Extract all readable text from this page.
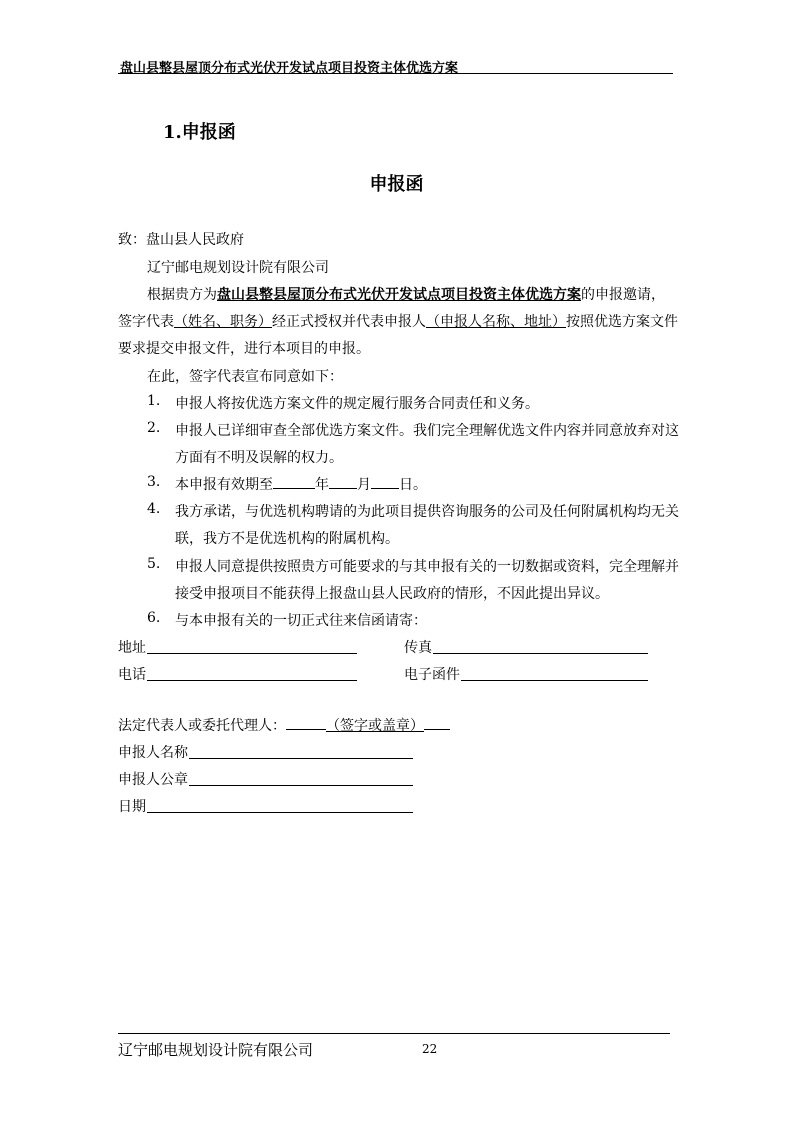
盘山县整县屋顶分布式光伏开发试点项目投资主体优选方案
1.申报函
申报函
致：盘山县人民政府
辽宁邮电规划设计院有限公司
根据贵方为盘山县整县屋顶分布式光伏开发试点项目投资主体优选方案的申报邀请，
签字代表（姓名、职务）经正式授权并代表申报人（申报人名称、地址）按照优选方案文件
要求提交申报文件，进行本项目的申报。
在此，签字代表宣布同意如下：
1. 申报人将按优选方案文件的规定履行服务合同责任和义务。
2. 申报人已详细审查全部优选方案文件。我们完全理解优选文件内容并同意放弃对这
方面有不明及误解的权力。
3. 本申报有效期至	年 月 日。
4. 我方承诺，与优选机构聘请的为此项目提供咨询服务的公司及任何附属机构均无关
联，我方不是优选机构的附属机构。
5. 申报人同意提供按照贵方可能要求的与其申报有关的一切数据或资料，完全理解并
接受申报项目不能获得上报盘山县人民政府的情形，不因此提出异议。
6. 与本申报有关的一切正式往来信函请寄：
地址	传真
电话	电子函件
法定代表人或委托代理人：	（签字或盖章）
申报人名称
申报人公章
日期
辽宁邮电规划设计院有限公司	22
